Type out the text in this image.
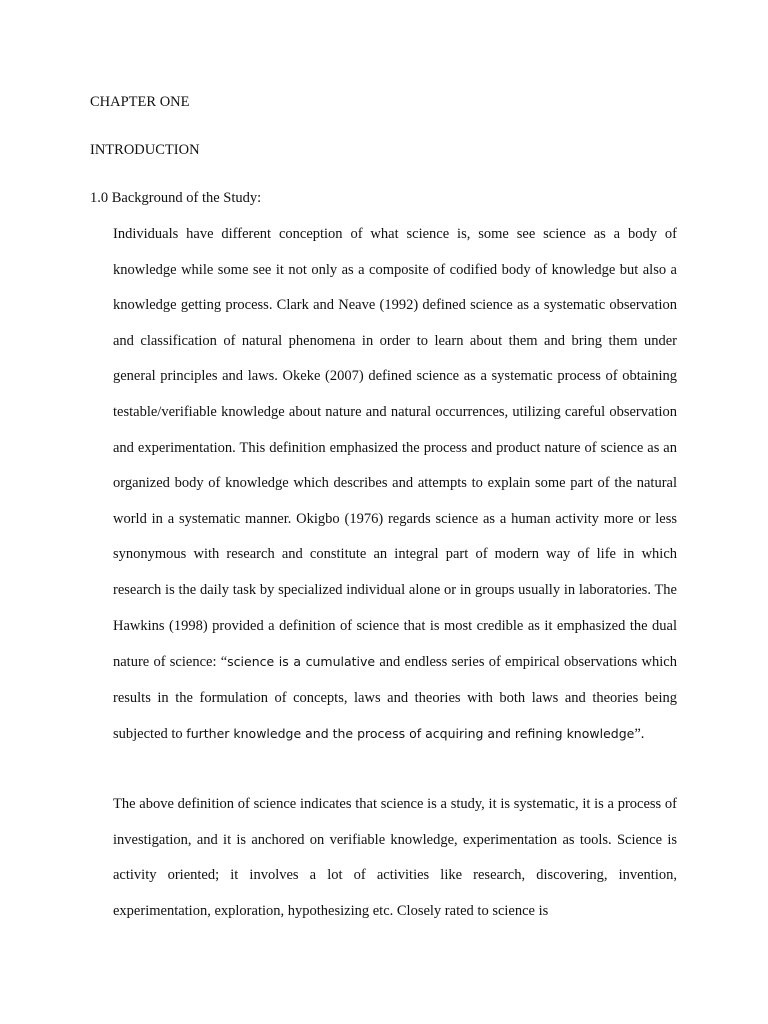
CHAPTER ONE
INTRODUCTION
1.0 Background of the Study:

Individuals have different conception of what science is, some see science as a body of knowledge while some see it not only as a composite of codified body of knowledge but also a knowledge getting process. Clark and Neave (1992) defined science as a systematic observation and classification of natural phenomena in order to learn about them and bring them under general principles and laws. Okeke (2007) defined science as a systematic process of obtaining testable/verifiable knowledge about nature and natural occurrences, utilizing careful observation and experimentation. This definition emphasized the process and product nature of science as an organized body of knowledge which describes and attempts to explain some part of the natural world in a systematic manner. Okigbo (1976) regards science as a human activity more or less synonymous with research and constitute an integral part of modern way of life in which research is the daily task by specialized individual alone or in groups usually in laboratories. The Hawkins (1998) provided a definition of science that is most credible as it emphasized the dual nature of science: “science is a cumulative and endless series of empirical observations which results in the formulation of concepts, laws and theories with both laws and theories being subjected to further knowledge and the process of acquiring and refining knowledge”.

The above definition of science indicates that science is a study, it is systematic, it is a process of investigation, and it is anchored on verifiable knowledge, experimentation as tools. Science is activity oriented; it involves a lot of activities like research, discovering, invention, experimentation, exploration, hypothesizing etc. Closely rated to science is
